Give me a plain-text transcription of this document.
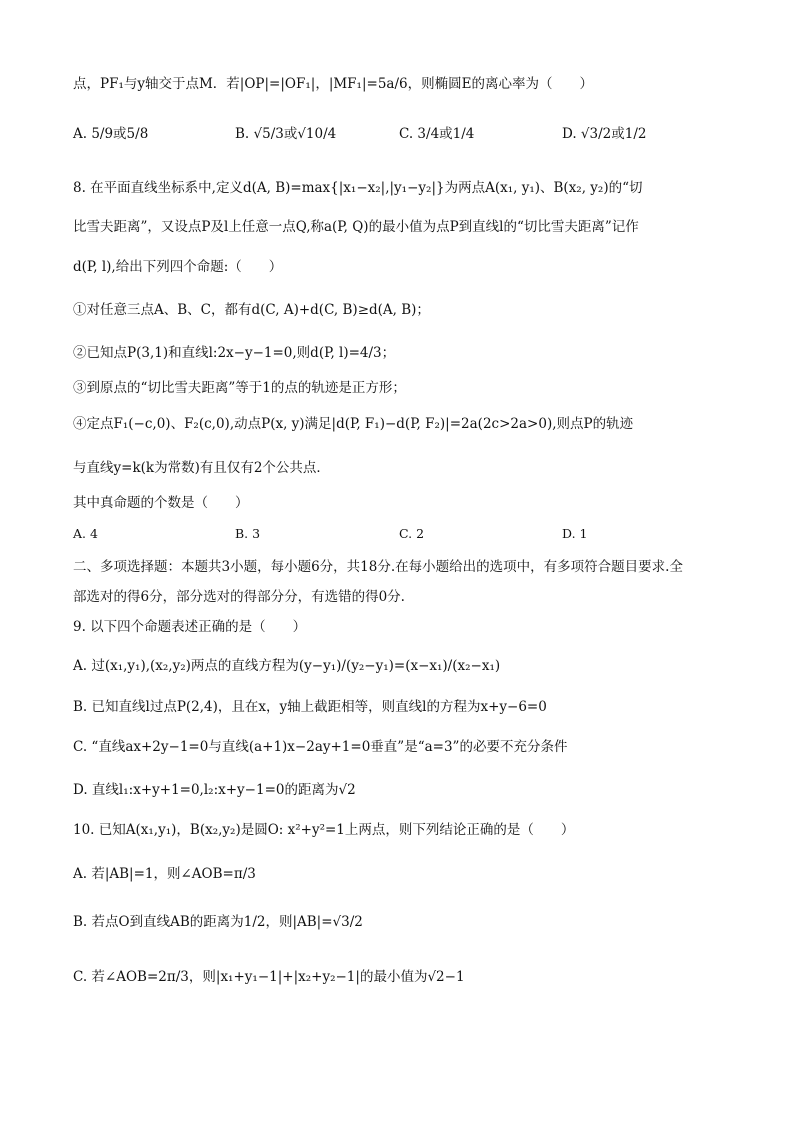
点，PF₁与y轴交于点M．若|OP|=|OF₁|，|MF₁|=5a/6，则椭圆E的离心率为（　　）
A. 5/9或5/8	B. √5/3或√10/4	C. 3/4或1/4	D. √3/2或1/2
8. 在平面直线坐标系中,定义d(A, B)=max{|x₁−x₂|,|y₁−y₂|}为两点A(x₁, y₁)、B(x₂, y₂)的“切
比雪夫距离”，又设点P及l上任意一点Q,称a(P, Q)的最小值为点P到直线l的“切比雪夫距离”记作
d(P, l),给出下列四个命题:（　　）
①对任意三点A、B、C，都有d(C, A)+d(C, B)≥d(A, B)；
②已知点P(3,1)和直线l:2x−y−1=0,则d(P, l)=4/3；
③到原点的“切比雪夫距离”等于1的点的轨迹是正方形；
④定点F₁(−c,0)、F₂(c,0),动点P(x, y)满足|d(P, F₁)−d(P, F₂)|=2a(2c>2a>0),则点P的轨迹
与直线y=k(k为常数)有且仅有2个公共点．
其中真命题的个数是（　　）
A. 4	B. 3	C. 2	D. 1
二、多项选择题：本题共3小题，每小题6分，共18分.在每小题给出的选项中，有多项符合题目要求.全
部选对的得6分，部分选对的得部分分，有选错的得0分.
9. 以下四个命题表述正确的是（　　）
A. 过(x₁,y₁),(x₂,y₂)两点的直线方程为(y−y₁)/(y₂−y₁)=(x−x₁)/(x₂−x₁)
B. 已知直线l过点P(2,4)，且在x，y轴上截距相等，则直线l的方程为x+y−6=0
C. “直线ax+2y−1=0与直线(a+1)x−2ay+1=0垂直”是“a=3”的必要不充分条件
D. 直线l₁:x+y+1=0,l₂:x+y−1=0的距离为√2
10. 已知A(x₁,y₁)，B(x₂,y₂)是圆O: x²+y²=1上两点，则下列结论正确的是（　　）
A. 若|AB|=1，则∠AOB=π/3
B. 若点O到直线AB的距离为1/2，则|AB|=√3/2
C. 若∠AOB=2π/3，则|x₁+y₁−1|+|x₂+y₂−1|的最小值为√2−1
